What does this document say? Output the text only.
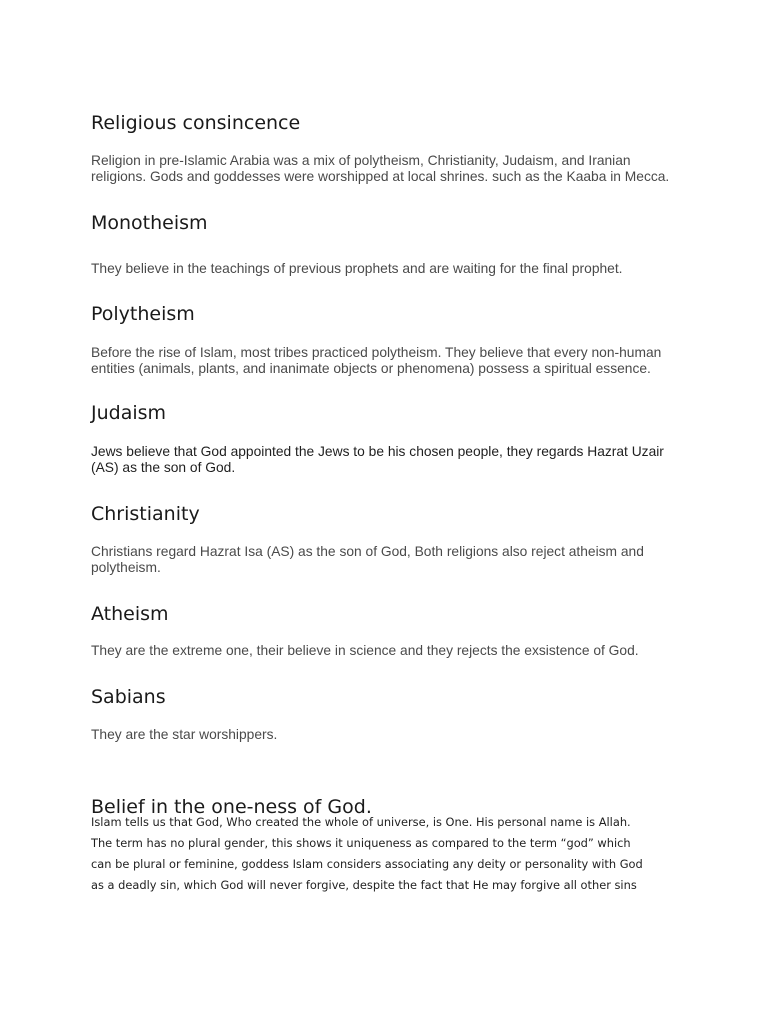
Religious consincence
Religion in pre-Islamic Arabia was a mix of polytheism, Christianity, Judaism, and Iranian
religions. Gods and goddesses were worshipped at local shrines. such as the Kaaba in Mecca.
Monotheism
They believe in the teachings of previous prophets and are waiting for the final prophet.
Polytheism
Before the rise of Islam, most tribes practiced polytheism. They believe that every non-human
entities (animals, plants, and inanimate objects or phenomena) possess a spiritual essence.
Judaism
Jews believe that God appointed the Jews to be his chosen people, they regards Hazrat Uzair
(AS) as the son of God.
Christianity
Christians regard Hazrat Isa (AS) as the son of God, Both religions also reject atheism and
polytheism.
Atheism
They are the extreme one, their believe in science and they rejects the exsistence of God.
Sabians
They are the star worshippers.
Belief in the one-ness of God.
Islam tells us that God, Who created the whole of universe, is One. His personal name is Allah.
The term has no plural gender, this shows it uniqueness as compared to the term “god” which
can be plural or feminine, goddess Islam considers associating any deity or personality with God
as a deadly sin, which God will never forgive, despite the fact that He may forgive all other sins
